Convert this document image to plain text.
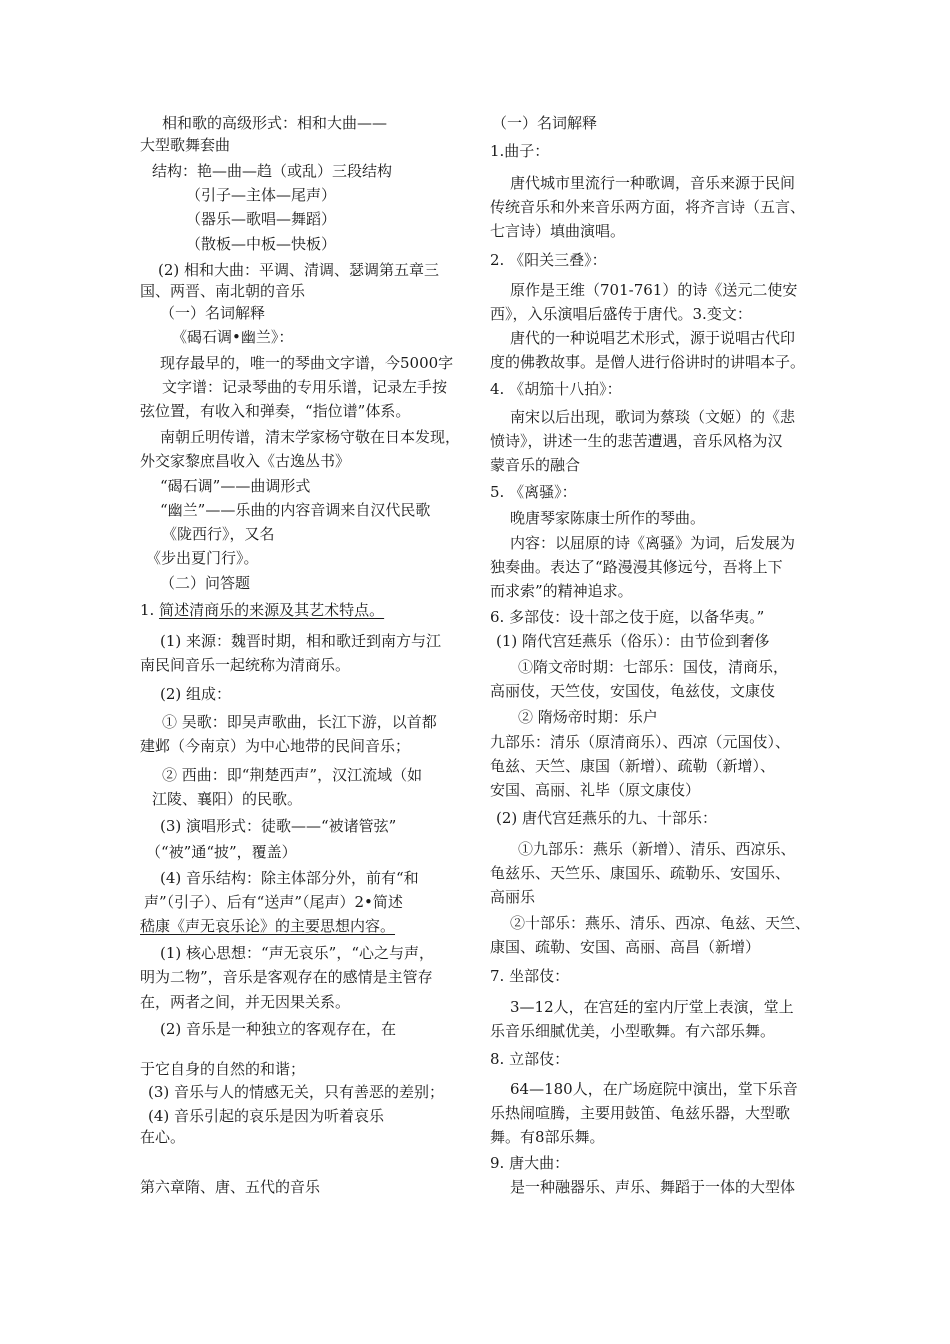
相和歌的高级形式：相和大曲——
大型歌舞套曲
结构：艳—曲—趋（或乱）三段结构
（引子—主体—尾声）
（器乐—歌唱—舞蹈）
（散板—中板—快板）
(2) 相和大曲：平调、清调、瑟调第五章三
国、两晋、南北朝的音乐
（一）名词解释
《碣石调•幽兰》：
现存最早的，唯一的琴曲文字谱，今5000字
文字谱：记录琴曲的专用乐谱，记录左手按
弦位置，有收入和弹奏，“指位谱”体系。
南朝丘明传谱，清末学家杨守敬在日本发现，
外交家黎庶昌收入《古逸丛书》
“碣石调”——曲调形式
“幽兰”——乐曲的内容音调来自汉代民歌
《陇西行》，又名
《步出夏门行》。
（二）问答题
1. 简述清商乐的来源及其艺术特点。
(1) 来源：魏晋时期，相和歌迁到南方与江
南民间音乐一起统称为清商乐。
(2) 组成：
① 吴歌：即吴声歌曲，长江下游，以首都
建邺（今南京）为中心地带的民间音乐；
② 西曲：即“荆楚西声”，汉江流域（如
江陵、襄阳）的民歌。
(3) 演唱形式：徒歌——“被诸管弦”
（“被”通“披”，覆盖）
(4) 音乐结构：除主体部分外，前有“和
声”（引子）、后有“送声”（尾声）2•简述
嵇康《声无哀乐论》的主要思想内容。
(1) 核心思想：“声无哀乐”，“心之与声，
明为二物”，音乐是客观存在的感情是主管存
在，两者之间，并无因果关系。
(2) 音乐是一种独立的客观存在，在
于它自身的自然的和谐；
(3) 音乐与人的情感无关，只有善恶的差别；
(4) 音乐引起的哀乐是因为听着哀乐
在心。
第六章隋、唐、五代的音乐
（一）名词解释
1.曲子：
唐代城市里流行一种歌调，音乐来源于民间
传统音乐和外来音乐两方面，将齐言诗（五言、
七言诗）填曲演唱。
2. 《阳关三叠》：
原作是王维（701-761）的诗《送元二使安
西》，入乐演唱后盛传于唐代。3.变文：
唐代的一种说唱艺术形式，源于说唱古代印
度的佛教故事。是僧人进行俗讲时的讲唱本子。
4. 《胡笳十八拍》：
南宋以后出现，歌词为蔡琰（文姬）的《悲
愤诗》，讲述一生的悲苦遭遇，音乐风格为汉
蒙音乐的融合
5. 《离骚》：
晚唐琴家陈康士所作的琴曲。
内容：以屈原的诗《离骚》为词，后发展为
独奏曲。表达了“路漫漫其修远兮，吾将上下
而求索”的精神追求。
6. 多部伎：设十部之伎于庭，以备华夷。”
(1) 隋代宫廷燕乐（俗乐）：由节俭到奢侈
①隋文帝时期：七部乐：国伎，清商乐，
高丽伎，天竺伎，安国伎，龟兹伎，文康伎
② 隋炀帝时期：乐户
九部乐：清乐（原清商乐）、西凉（元国伎）、
龟兹、天竺、康国（新增）、疏勒（新增）、
安国、高丽、礼毕（原文康伎）
(2) 唐代宫廷燕乐的九、十部乐：
①九部乐：燕乐（新增）、清乐、西凉乐、
龟兹乐、天竺乐、康国乐、疏勒乐、安国乐、
高丽乐
②十部乐：燕乐、清乐、西凉、龟兹、天竺、
康国、疏勒、安国、高丽、高昌（新增）
7. 坐部伎：
3—12人，在宫廷的室内厅堂上表演，堂上
乐音乐细腻优美，小型歌舞。有六部乐舞。
8. 立部伎：
64—180人，在广场庭院中演出，堂下乐音
乐热闹喧腾，主要用鼓笛、龟兹乐器，大型歌
舞。有8部乐舞。
9. 唐大曲：
是一种融器乐、声乐、舞蹈于一体的大型体
